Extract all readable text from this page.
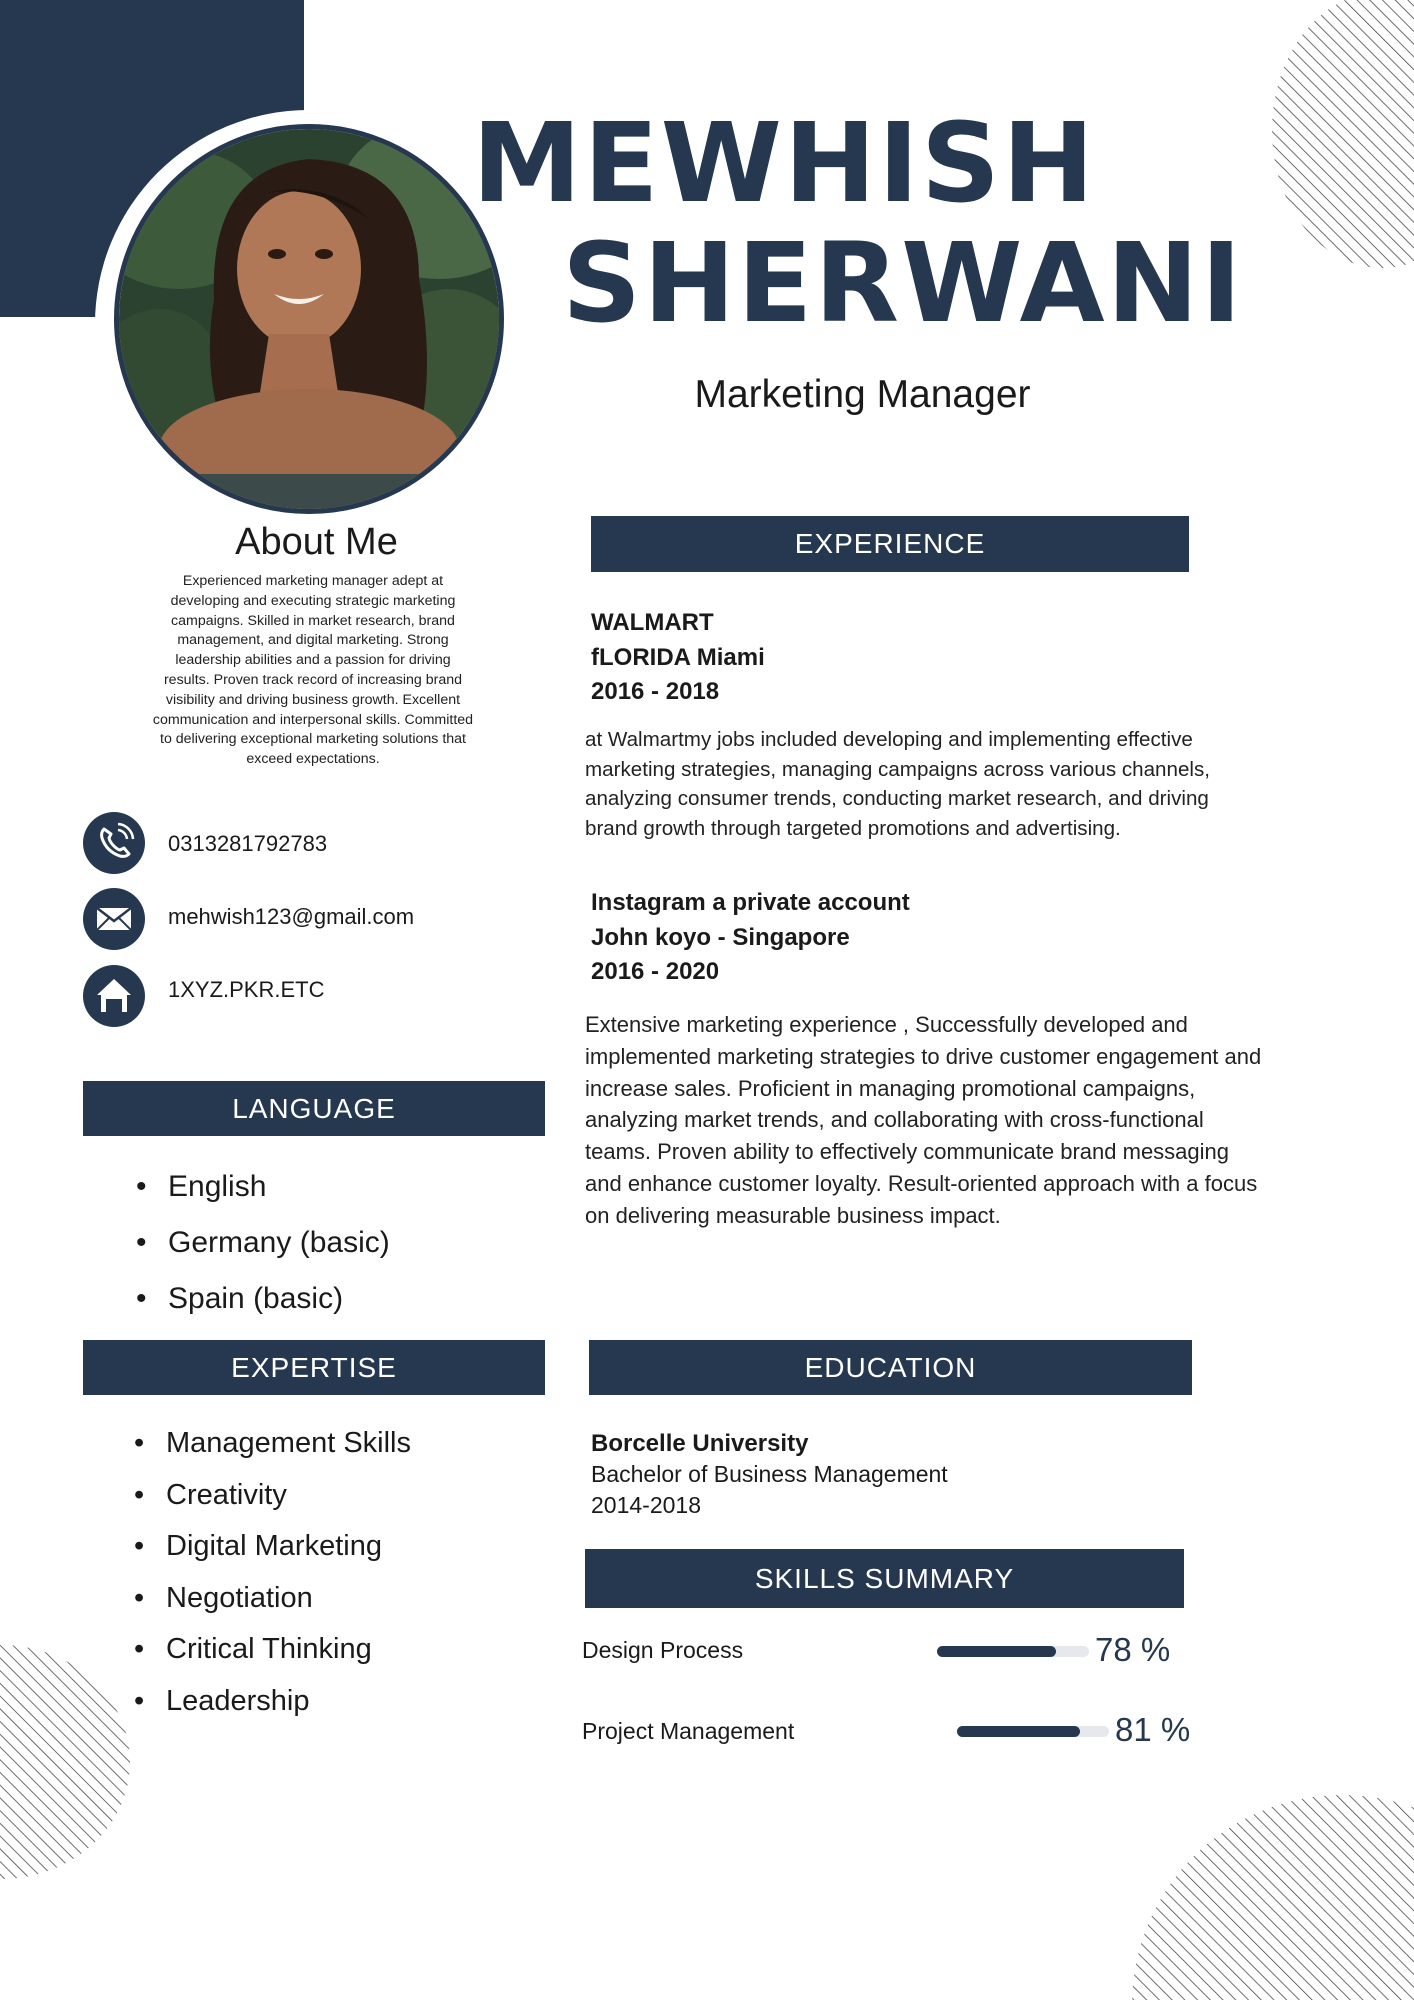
MEWHISH
SHERWANI
Marketing Manager
About Me
Experienced marketing manager adept at developing and executing strategic marketing campaigns. Skilled in market research, brand management, and digital marketing. Strong leadership abilities and a passion for driving results. Proven track record of increasing brand visibility and driving business growth. Excellent communication and interpersonal skills. Committed to delivering exceptional marketing solutions that exceed expectations.
0313281792783
mehwish123@gmail.com
1XYZ.PKR.ETC
LANGUAGE
• English
• Germany (basic)
• Spain (basic)
EXPERTISE
• Management Skills
• Creativity
• Digital Marketing
• Negotiation
• Critical Thinking
• Leadership
EXPERIENCE
WALMART
fLORIDA Miami
2016 - 2018
at Walmartmy jobs included developing and implementing effective marketing strategies, managing campaigns across various channels, analyzing consumer trends, conducting market research, and driving brand growth through targeted promotions and advertising.
Instagram a private account
John koyo - Singapore
2016 - 2020
Extensive marketing experience , Successfully developed and implemented marketing strategies to drive customer engagement and increase sales. Proficient in managing promotional campaigns, analyzing market trends, and collaborating with cross-functional teams. Proven ability to effectively communicate brand messaging and enhance customer loyalty. Result-oriented approach with a focus on delivering measurable business impact.
EDUCATION
Borcelle University
Bachelor of Business Management
2014-2018
SKILLS SUMMARY
Design Process	78 %
Project Management	81 %
